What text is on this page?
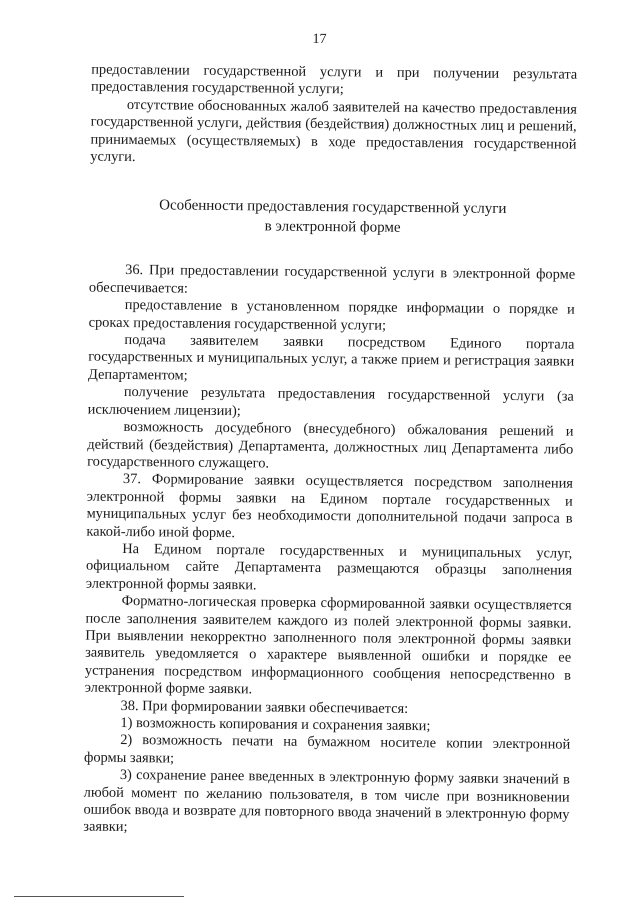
17

предоставлении государственной услуги и при получении результата предоставления государственной услуги;

отсутствие обоснованных жалоб заявителей на качество предоставления государственной услуги, действия (бездействия) должностных лиц и решений, принимаемых (осуществляемых) в ходе предоставления государственной услуги.

Особенности предоставления государственной услуги
в электронной форме

36. При предоставлении государственной услуги в электронной форме обеспечивается:

предоставление в установленном порядке информации о порядке и сроках предоставления государственной услуги;

подача заявителем заявки посредством Единого портала государственных и муниципальных услуг, а также прием и регистрация заявки Департаментом;

получение результата предоставления государственной услуги (за исключением лицензии);

возможность досудебного (внесудебного) обжалования решений и действий (бездействия) Департамента, должностных лиц Департамента либо государственного служащего.

37. Формирование заявки осуществляется посредством заполнения электронной формы заявки на Едином портале государственных и муниципальных услуг без необходимости дополнительной подачи запроса в какой-либо иной форме.

На Едином портале государственных и муниципальных услуг, официальном сайте Департамента размещаются образцы заполнения электронной формы заявки.

Форматно-логическая проверка сформированной заявки осуществляется после заполнения заявителем каждого из полей электронной формы заявки. При выявлении некорректно заполненного поля электронной формы заявки заявитель уведомляется о характере выявленной ошибки и порядке ее устранения посредством информационного сообщения непосредственно в электронной форме заявки.

38. При формировании заявки обеспечивается:

1) возможность копирования и сохранения заявки;

2) возможность печати на бумажном носителе копии электронной формы заявки;

3) сохранение ранее введенных в электронную форму заявки значений в любой момент по желанию пользователя, в том числе при возникновении ошибок ввода и возврате для повторного ввода значений в электронную форму заявки;
